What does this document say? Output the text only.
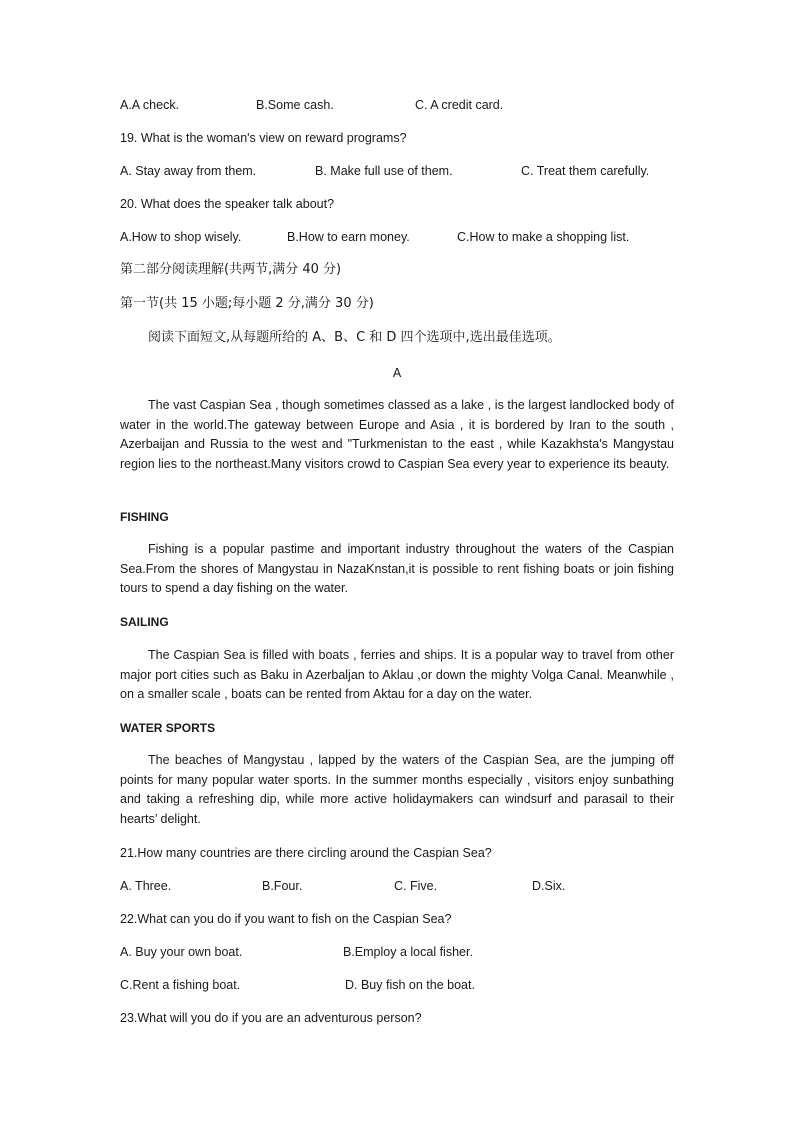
A.A check.	B.Some cash.	C. A credit card.
19. What is the woman's view on reward programs?
A. Stay away from them.	B. Make full use of them.	C. Treat them carefully.
20. What does the speaker talk about?
A.How to shop wisely.	B.How to earn money.	C.How to make a shopping list.
第二部分阅读理解(共两节,满分 40 分)
第一节(共 15 小题;每小题 2 分,满分 30 分)
阅读下面短文,从每题所给的 A、B、C 和 D 四个选项中,选出最佳选项。
A

The vast Caspian Sea , though sometimes classed as a lake , is the largest landlocked body of water in the world.The gateway between Europe and Asia , it is bordered by Iran to the south , Azerbaijan and Russia to the west and "Turkmenistan to the east , while Kazakhsta's Mangystau region lies to the northeast.Many visitors crowd to Caspian Sea every year to experience its beauty.

FISHING

Fishing is a popular pastime and important industry throughout the waters of the Caspian Sea.From the shores of Mangystau in NazaKnstan,it is possible to rent fishing boats or join fishing tours to spend a day fishing on the water.

SAILING

The Caspian Sea is filled with boats , ferries and ships. It is a popular way to travel from other major port cities such as Baku in Azerbaljan to Aklau ,or down the mighty Volga Canal. Meanwhile , on a smaller scale , boats can be rented from Aktau for a day on the water.

WATER SPORTS

The beaches of Mangystau , lapped by the waters of the Caspian Sea, are the jumping off points for many popular water sports. In the summer months especially , visitors enjoy sunbathing and taking a refreshing dip, while more active holidaymakers can windsurf and parasail to their hearts’ delight.

21.How many countries are there circling around the Caspian Sea?
A. Three.	B.Four.	C. Five.	D.Six.
22.What can you do if you want to fish on the Caspian Sea?
A. Buy your own boat.	B.Employ a local fisher.
C.Rent a fishing boat.	D. Buy fish on the boat.
23.What will you do if you are an adventurous person?
